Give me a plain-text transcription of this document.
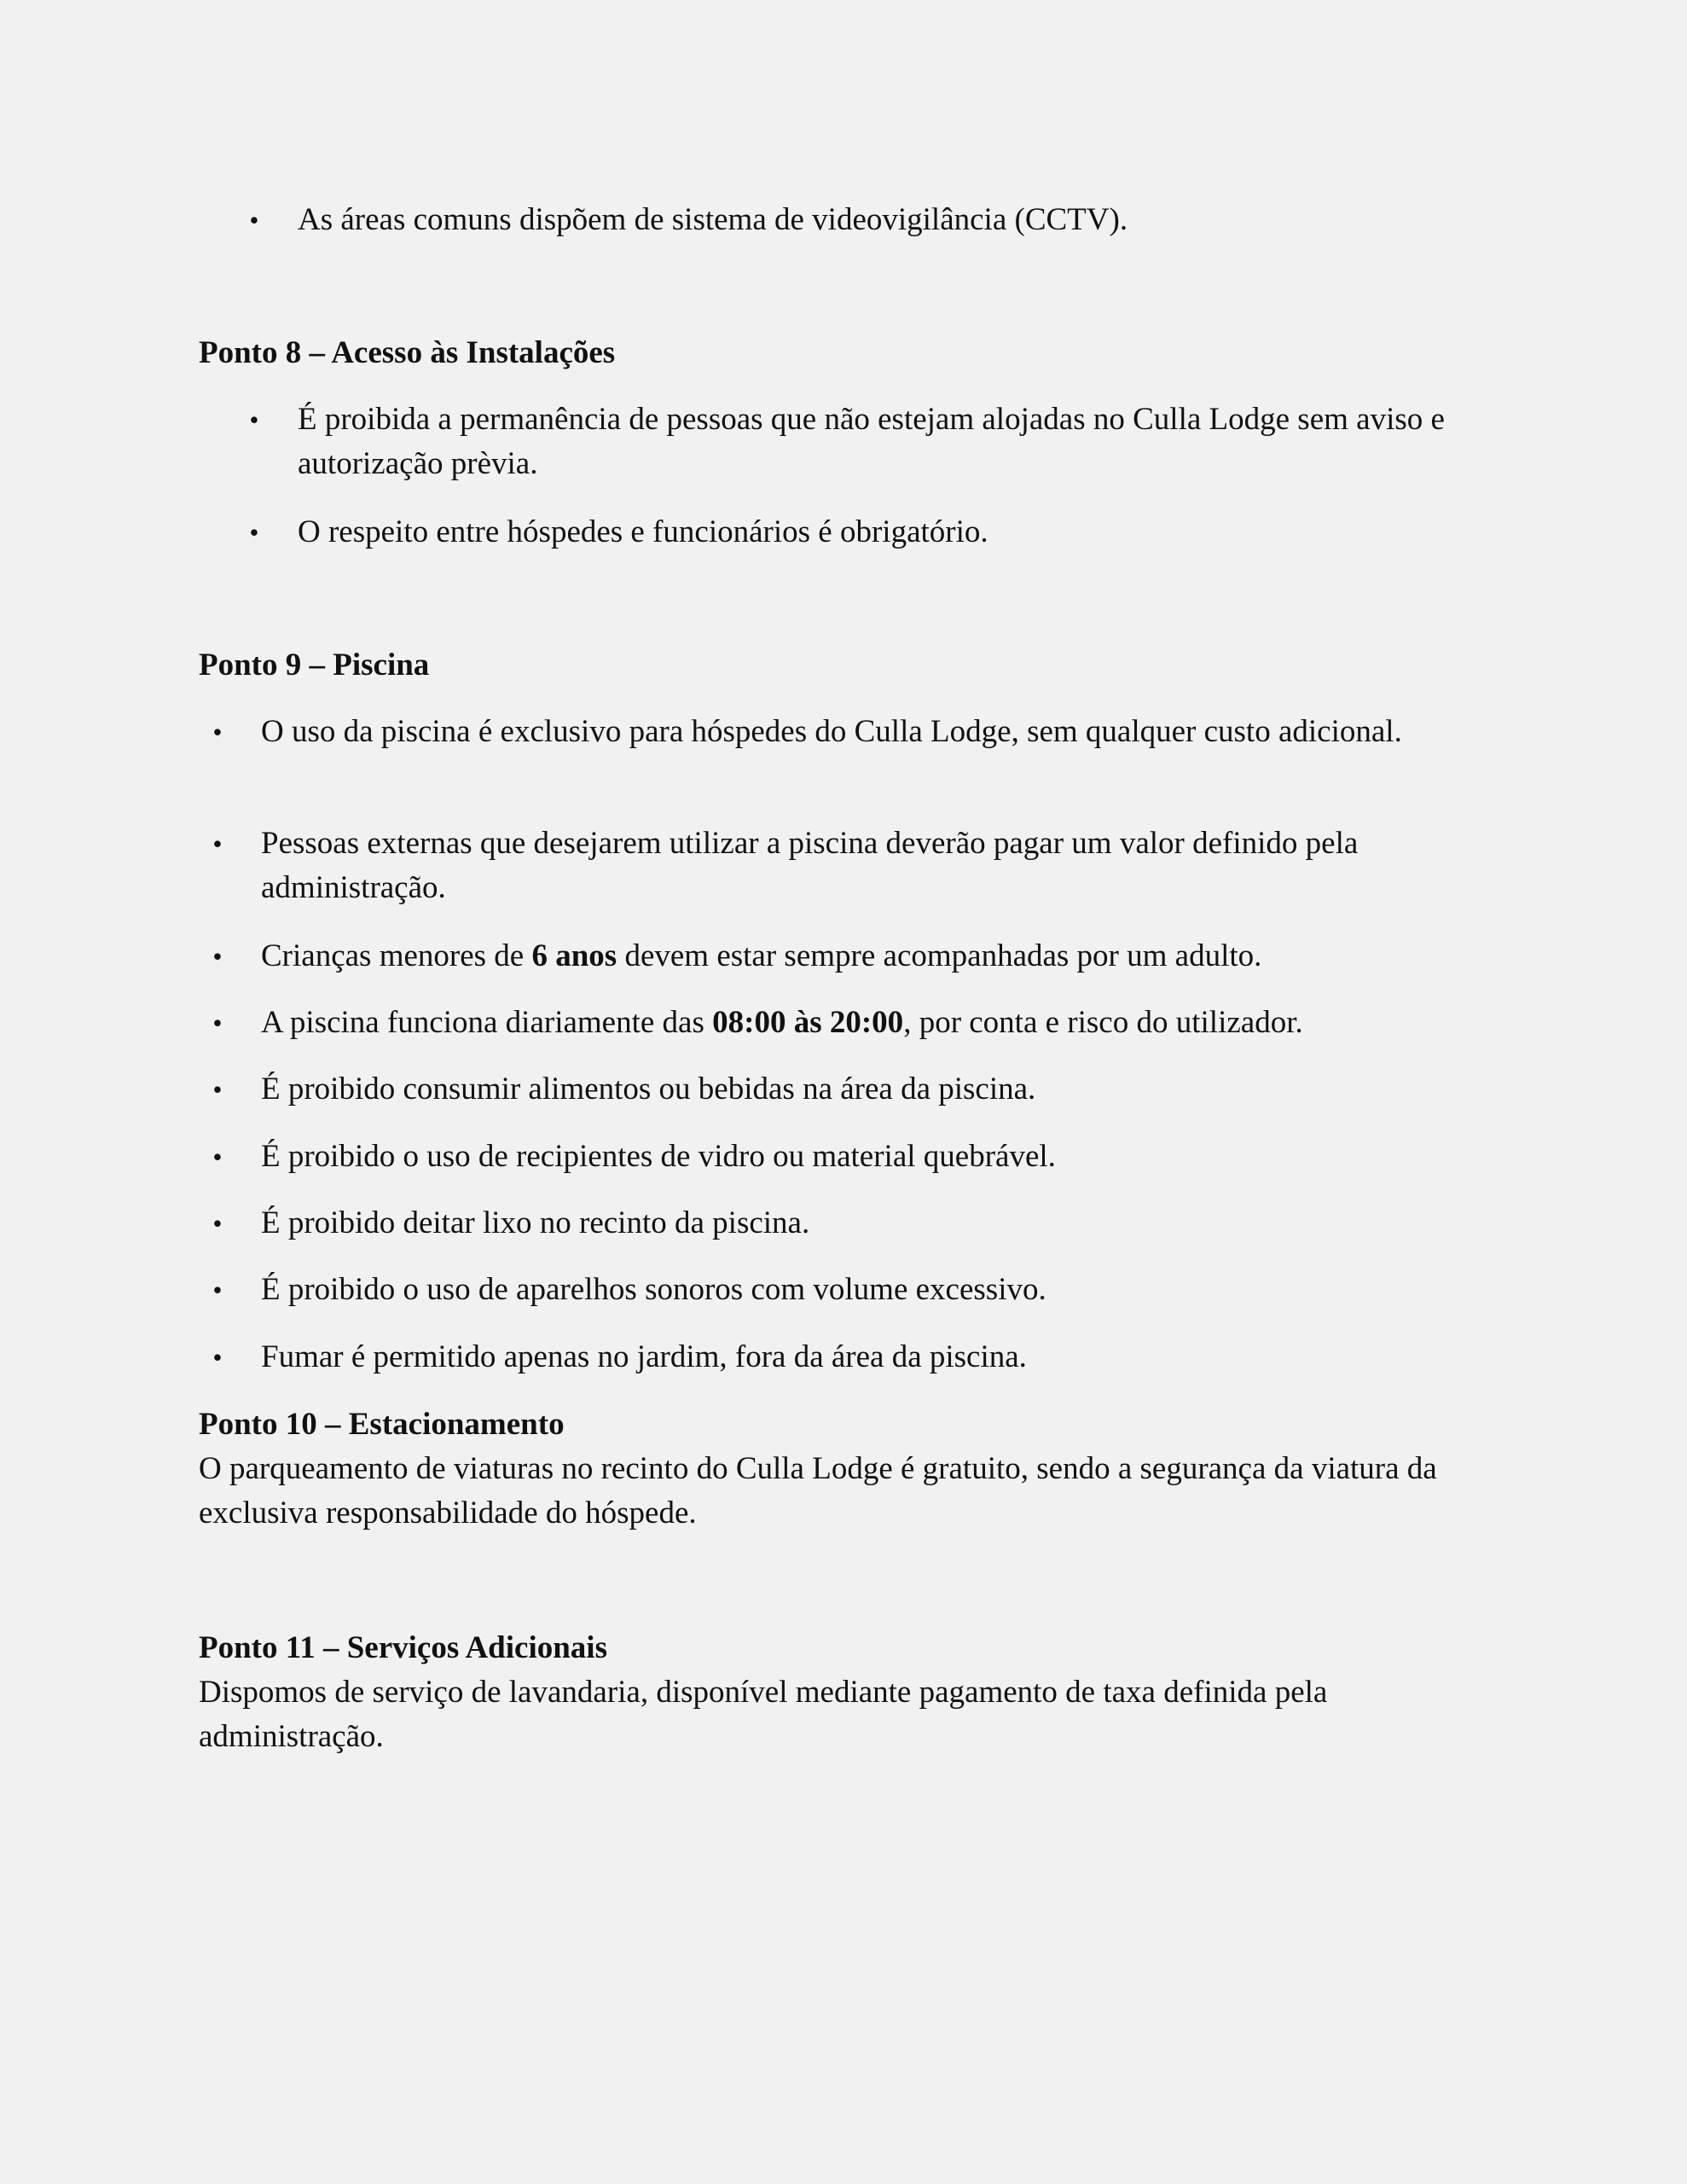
• As áreas comuns dispõem de sistema de videovigilância (CCTV).
Ponto 8 – Acesso às Instalações
• É proibida a permanência de pessoas que não estejam alojadas no Culla Lodge sem aviso e autorização prèvia.
• O respeito entre hóspedes e funcionários é obrigatório.
Ponto 9 – Piscina
• O uso da piscina é exclusivo para hóspedes do Culla Lodge, sem qualquer custo adicional.
• Pessoas externas que desejarem utilizar a piscina deverão pagar um valor definido pela administração.
• Crianças menores de 6 anos devem estar sempre acompanhadas por um adulto.
• A piscina funciona diariamente das 08:00 às 20:00, por conta e risco do utilizador.
• É proibido consumir alimentos ou bebidas na área da piscina.
• É proibido o uso de recipientes de vidro ou material quebrável.
• É proibido deitar lixo no recinto da piscina.
• É proibido o uso de aparelhos sonoros com volume excessivo.
• Fumar é permitido apenas no jardim, fora da área da piscina.
Ponto 10 – Estacionamento
O parqueamento de viaturas no recinto do Culla Lodge é gratuito, sendo a segurança da viatura da exclusiva responsabilidade do hóspede.
Ponto 11 – Serviços Adicionais
Dispomos de serviço de lavandaria, disponível mediante pagamento de taxa definida pela administração.
